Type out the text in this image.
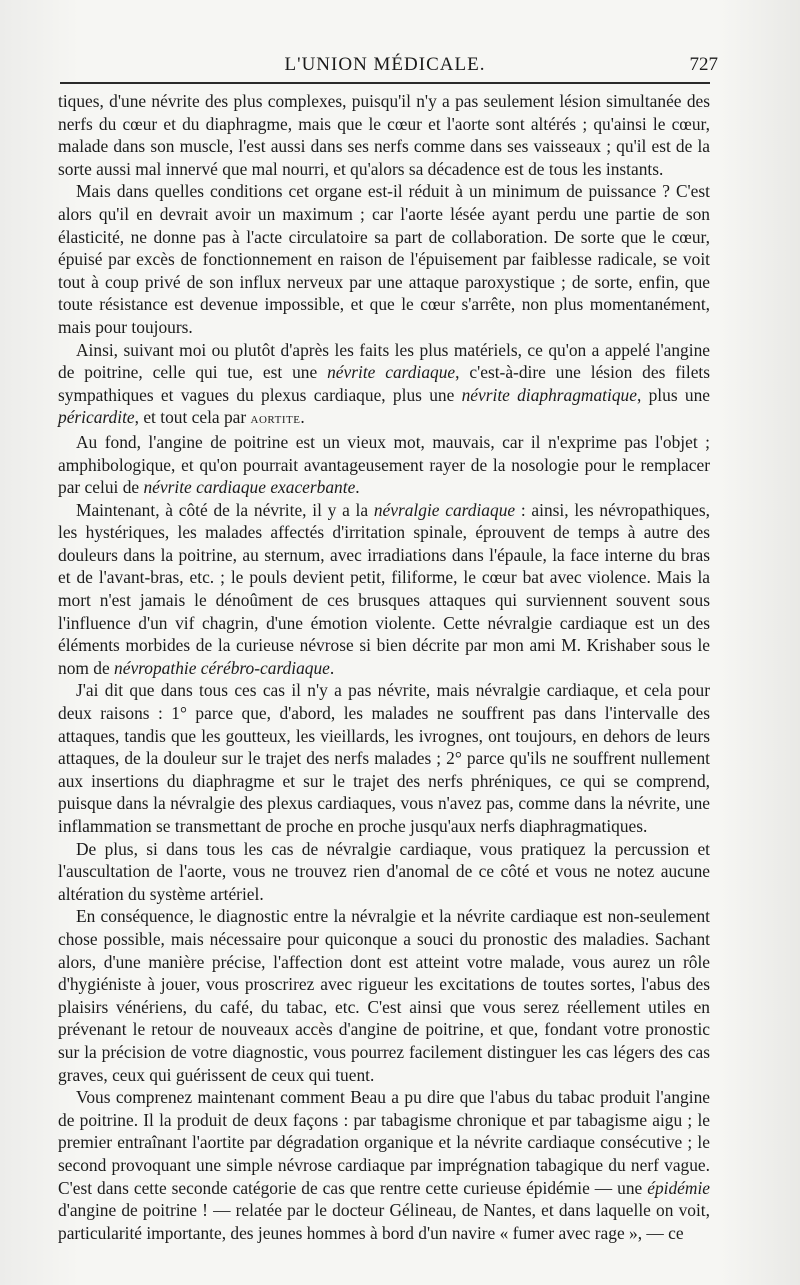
L'UNION MÉDICALE.	727

tiques, d'une névrite des plus complexes, puisqu'il n'y a pas seulement lésion simultanée des nerfs du cœur et du diaphragme, mais que le cœur et l'aorte sont altérés ; qu'ainsi le cœur, malade dans son muscle, l'est aussi dans ses nerfs comme dans ses vaisseaux ; qu'il est de la sorte aussi mal innervé que mal nourri, et qu'alors sa décadence est de tous les instants.

Mais dans quelles conditions cet organe est-il réduit à un minimum de puissance ? C'est alors qu'il en devrait avoir un maximum ; car l'aorte lésée ayant perdu une partie de son élasticité, ne donne pas à l'acte circulatoire sa part de collaboration. De sorte que le cœur, épuisé par excès de fonctionnement en raison de l'épuisement par faiblesse radicale, se voit tout à coup privé de son influx nerveux par une attaque paroxystique ; de sorte, enfin, que toute résistance est devenue impossible, et que le cœur s'arrête, non plus momentanément, mais pour toujours.

Ainsi, suivant moi ou plutôt d'après les faits les plus matériels, ce qu'on a appelé l'angine de poitrine, celle qui tue, est une névrite cardiaque, c'est-à-dire une lésion des filets sympathiques et vagues du plexus cardiaque, plus une névrite diaphragmatique, plus une péricardite, et tout cela par aortite.

Au fond, l'angine de poitrine est un vieux mot, mauvais, car il n'exprime pas l'objet ; amphibologique, et qu'on pourrait avantageusement rayer de la nosologie pour le remplacer par celui de névrite cardiaque exacerbante.

Maintenant, à côté de la névrite, il y a la névralgie cardiaque : ainsi, les névropathiques, les hystériques, les malades affectés d'irritation spinale, éprouvent de temps à autre des douleurs dans la poitrine, au sternum, avec irradiations dans l'épaule, la face interne du bras et de l'avant-bras, etc. ; le pouls devient petit, filiforme, le cœur bat avec violence. Mais la mort n'est jamais le dénoûment de ces brusques attaques qui surviennent souvent sous l'influence d'un vif chagrin, d'une émotion violente. Cette névralgie cardiaque est un des éléments morbides de la curieuse névrose si bien décrite par mon ami M. Krishaber sous le nom de névropathie cérébro-cardiaque.

J'ai dit que dans tous ces cas il n'y a pas névrite, mais névralgie cardiaque, et cela pour deux raisons : 1° parce que, d'abord, les malades ne souffrent pas dans l'intervalle des attaques, tandis que les goutteux, les vieillards, les ivrognes, ont toujours, en dehors de leurs attaques, de la douleur sur le trajet des nerfs malades ; 2° parce qu'ils ne souffrent nullement aux insertions du diaphragme et sur le trajet des nerfs phréniques, ce qui se comprend, puisque dans la névralgie des plexus cardiaques, vous n'avez pas, comme dans la névrite, une inflammation se transmettant de proche en proche jusqu'aux nerfs diaphragmatiques.

De plus, si dans tous les cas de névralgie cardiaque, vous pratiquez la percussion et l'auscultation de l'aorte, vous ne trouvez rien d'anomal de ce côté et vous ne notez aucune altération du système artériel.

En conséquence, le diagnostic entre la névralgie et la névrite cardiaque est non-seulement chose possible, mais nécessaire pour quiconque a souci du pronostic des maladies. Sachant alors, d'une manière précise, l'affection dont est atteint votre malade, vous aurez un rôle d'hygiéniste à jouer, vous proscrirez avec rigueur les excitations de toutes sortes, l'abus des plaisirs vénériens, du café, du tabac, etc. C'est ainsi que vous serez réellement utiles en prévenant le retour de nouveaux accès d'angine de poitrine, et que, fondant votre pronostic sur la précision de votre diagnostic, vous pourrez facilement distinguer les cas légers des cas graves, ceux qui guérissent de ceux qui tuent.

Vous comprenez maintenant comment Beau a pu dire que l'abus du tabac produit l'angine de poitrine. Il la produit de deux façons : par tabagisme chronique et par tabagisme aigu ; le premier entraînant l'aortite par dégradation organique et la névrite cardiaque consécutive ; le second provoquant une simple névrose cardiaque par imprégnation tabagique du nerf vague. C'est dans cette seconde catégorie de cas que rentre cette curieuse épidémie — une épidémie d'angine de poitrine ! — relatée par le docteur Gélineau, de Nantes, et dans laquelle on voit, particularité importante, des jeunes hommes à bord d'un navire « fumer avec rage », — ce
